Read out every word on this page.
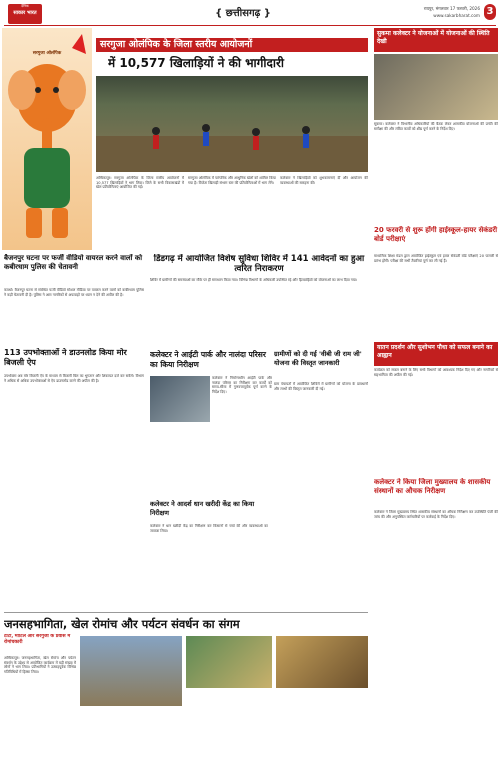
दैनिक
साकार भारत	{ छत्तीसगढ़ }	रायपुर, मंगलवार 17 फरवरी, 2026
www.sakarbharat.com 3
सरगुजा ओलंपिक
सरगुजा ओलंपिक के जिला स्तरीय आयोजनों
में 10,577 खिलाड़ियों ने की भागीदारी

अम्बिकापुर। सरगुजा ओलंपिक के जिला स्तरीय आयोजनों में 10,577 खिलाड़ियों ने भाग लिया। जिले के सभी विकासखंडों में खेल प्रतियोगिताएं आयोजित की गईं।

सरगुजा ओलंपिक में पारंपरिक और आधुनिक खेलों को शामिल किया गया है। विजेता खिलाड़ी संभाग स्तर की प्रतियोगिताओं में भाग लेंगे।

कलेक्टर ने खिलाड़ियों को शुभकामनाएं दीं और आयोजन की व्यवस्थाओं की सराहना की।

बैजनपुर घटना पर फर्जी वीडियो वायरल करने वालों को कबीरधाम पुलिस की चेतावनी
कवर्धा। बैजनपुर घटना से संबंधित फर्जी वीडियो सोशल मीडिया पर वायरल करने वालों को कबीरधाम पुलिस ने कड़ी चेतावनी दी है। पुलिस ने आम नागरिकों से अफवाहों पर ध्यान न देने की अपील की है।
डिंडगढ़ में आयोजित विशेष सुविधा शिविर में 141 आवेदनों का हुआ त्वरित निराकरण
शिविर में ग्रामीणों की समस्याओं का मौके पर ही समाधान किया गया। विभिन्न विभागों के अधिकारी उपस्थित रहे और हितग्राहियों को योजनाओं का लाभ दिया गया।
113 उपभोक्ताओं ने डाउनलोड किया मोर बिजली ऐप
उपभोक्ता अब मोर बिजली ऐप के माध्यम से बिजली बिल का भुगतान और शिकायत दर्ज कर सकेंगे। विभाग ने अधिक से अधिक उपभोक्ताओं से ऐप डाउनलोड करने की अपील की है।
कलेक्टर ने आईटी पार्क और नालंदा परिसर का किया निरीक्षण
कलेक्टर ने निर्माणाधीन आईटी पार्क और नालंदा परिसर का निरीक्षण कर कार्यों को समय-सीमा में गुणवत्तापूर्वक पूर्ण करने के निर्देश दिए।
ग्रामीणों को दी गई 'वीबी जी राम जी' योजना की विस्तृत जानकारी
ग्राम पंचायतों में आयोजित शिविरों में ग्रामीणों को योजना के प्रावधानों और लाभों की विस्तृत जानकारी दी गई।
कलेक्टर ने आदर्श धान खरीदी केंद्र का किया निरीक्षण
कलेक्टर ने धान खरीदी केंद्र का निरीक्षण कर किसानों से चर्चा की और व्यवस्थाओं का जायजा लिया।
सुकमा कलेक्टर ने योजनाओं में योजनाओं की स्थिति देखी
सुकमा। कलेक्टर ने विभागीय अधिकारियों की बैठक लेकर शासकीय योजनाओं की प्रगति की समीक्षा की और लंबित कार्यों को शीघ्र पूर्ण करने के निर्देश दिए।
20 फरवरी से शुरू होंगी हाईस्कूल-हायर सेकंडरी बोर्ड परीक्षाएं
माध्यमिक शिक्षा मंडल द्वारा आयोजित हाईस्कूल एवं हायर सेकंडरी बोर्ड परीक्षाएं 20 फरवरी से प्रारंभ होंगी। परीक्षा की सभी तैयारियां पूर्ण कर ली गई हैं।
यातन प्रदर्शन और सुशोभन पौधा को सफल बनाने का आह्वान
कार्यक्रम को सफल बनाने के लिए सभी विभागों को आवश्यक निर्देश दिए गए और नागरिकों से सहभागिता की अपील की गई।
कलेक्टर ने किया जिला मुख्यालय के शासकीय संस्थानों का औचक निरीक्षण
कलेक्टर ने जिला मुख्यालय स्थित शासकीय संस्थानों का औचक निरीक्षण कर उपस्थिति पंजी की जांच की और अनुपस्थित कर्मचारियों पर कार्रवाई के निर्देश दिए।
जनसहभागिता, खेल रोमांच और पर्यटन संवर्धन का संगम
टाटा, मोटिल और सरगुजा के प्रवास में रोमांचकारी
अम्बिकापुर। जनसहभागिता, खेल रोमांच और पर्यटन संवर्धन के उद्देश्य से आयोजित कार्यक्रम में बड़ी संख्या में लोगों ने भाग लिया। प्रतिभागियों ने उत्साहपूर्वक विभिन्न गतिविधियों में हिस्सा लिया।
